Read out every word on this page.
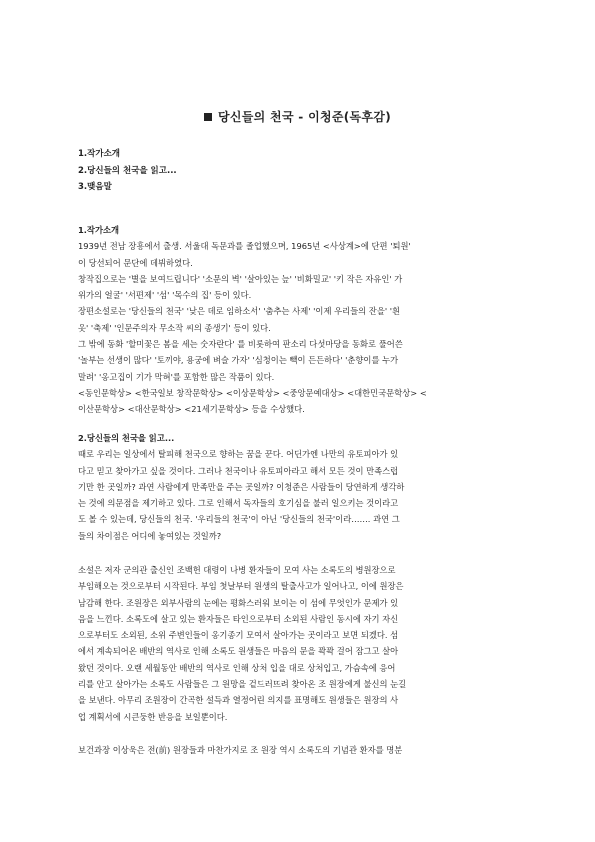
당신들의 천국 - 이청준(독후감)
1.작가소개
2.당신들의 천국을 읽고...
3.맺음말
1.작가소개

1939년 전남 장흥에서 출생. 서울대 독문과를 졸업했으며, 1965년 <사상계>에 단편 '퇴원'
이 당선되어 문단에 데뷔하였다.
창작집으로는 '별을 보여드립니다' '소문의 벽' '살아있는 늪' '비화밀교' '키 작은 자유인' 가
위가의 얼굴' '서편제' '섬' '목수의 집' 등이 있다.
장편소설로는 '당신들의 천국' '낮은 데로 임하소서' '춤추는 사제' '이제 우리들의 잔을' '흰
옷' '축제' '인문주의자 무소작 씨의 종생기' 등이 있다.
그 밖에 동화 '할미꽃은 봄을 세는 숫자란다' 를 비롯하여 판소리 다섯마당을 동화로 풀어쓴
'놀부는 선생이 많다' '토끼야, 용궁에 벼슬 가자' '심청이는 빽이 든든하다' '춘향이를 누가
말려' '옹고집이 기가 막혀'를 포함한 많은 작품이 있다.
<동인문학상> <한국일보 창작문학상> <이상문학상> <중앙문예대상> <대한민국문학상> <
이산문학상> <대산문학상> <21세기문학상> 등을 수상했다.

2.당신들의 천국을 읽고...

때로 우리는 일상에서 탈피해 천국으로 향하는 꿈을 꾼다. 어딘가엔 나만의 유토피아가 있
다고 믿고 찾아가고 싶을 것이다. 그러나 천국이나 유토피아라고 해서 모든 것이 만족스럽
기만 한 곳일까? 과연 사람에게 만족만을 주는 곳일까? 이청준은 사람들이 당연하게 생각하
는 것에 의문점을 제기하고 있다. 그로 인해서 독자들의 호기심을 불러 일으키는 것이라고
도 볼 수 있는데, 당신들의 천국. '우리들의 천국'이 아닌 '당신들의 천국'이라……. 과연 그
들의 차이점은 어디에 놓여있는 것일까?

소설은 저자 군의관 출신인 조백헌 대령이 나병 환자들이 모여 사는 소록도의 병원장으로
부임해오는 것으로부터 시작된다. 부임 첫날부터 원생의 탈출사고가 일어나고, 이에 원장은
남감해 한다. 조원장은 외부사람의 눈에는 평화스러워 보이는 이 섬에 무엇인가 문제가 있
음을 느낀다. 소록도에 살고 있는 환자들은 타인으로부터 소외된 사람인 동시에 자기 자신
으로부터도 소외된, 소위 주변인들이 옹기종기 모여서 살아가는 곳이라고 보면 되겠다. 섬
에서 계속되어온 배반의 역사로 인해 소록도 원생들은 마음의 문을 꽉꽉 걸어 잠그고 살아
왔던 것이다. 오랜 세월동안 배반의 역사로 인해 상처 입을 대로 상처입고, 가슴속에 응어
리를 안고 살아가는 소록도 사람들은 그 원망을 겉드러뜨려 찾아온 조 원장에게 불신의 눈길
을 보낸다. 아무리 조원장이 간곡한 설득과 열정어린 의지를 표명해도 원생들은 원장의 사
업 계획서에 시큰둥한 반응을 보일뿐이다.

보건과장 이상욱은 전(前) 원장들과 마찬가지로 조 원장 역시 소록도의 기념관 환자를 명분
